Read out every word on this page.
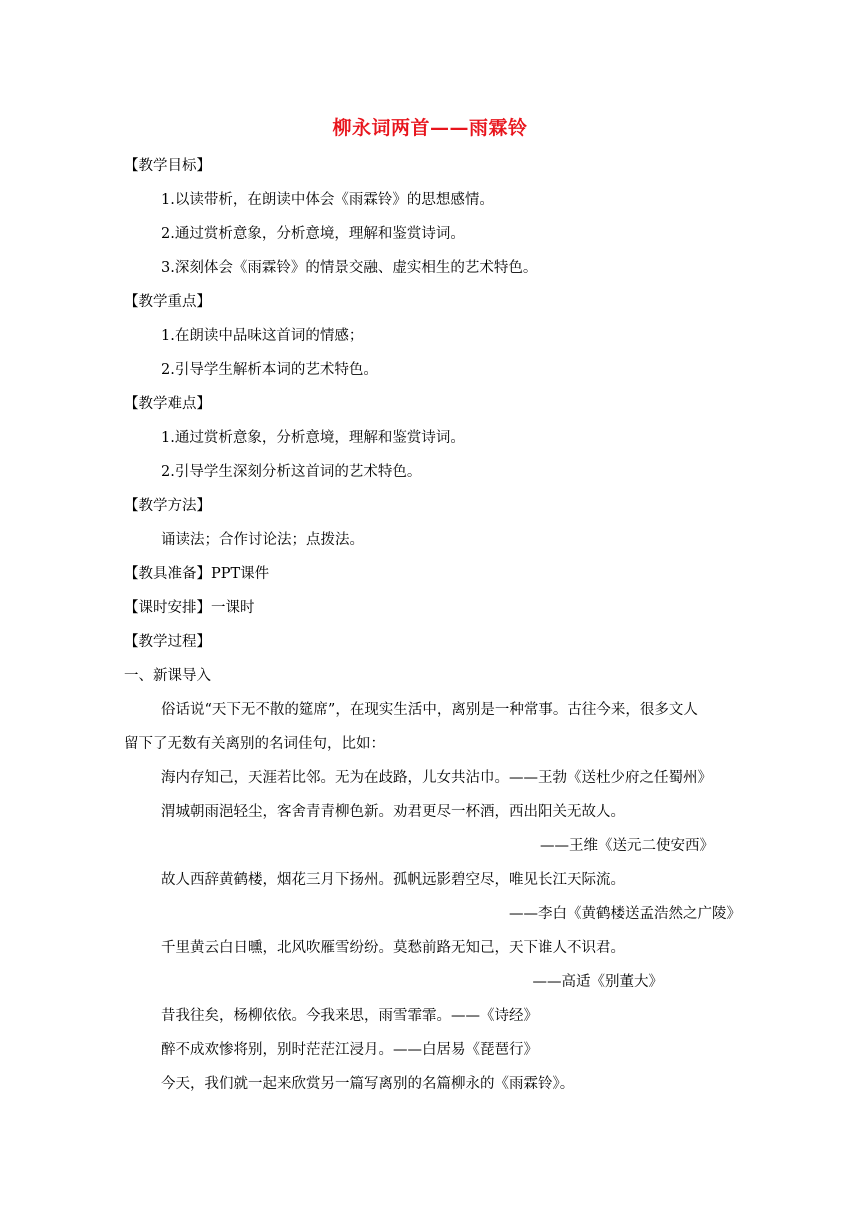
柳永词两首——雨霖铃
【教学目标】
1.以读带析，在朗读中体会《雨霖铃》的思想感情。
2.通过赏析意象，分析意境，理解和鉴赏诗词。
3.深刻体会《雨霖铃》的情景交融、虚实相生的艺术特色。
【教学重点】
1.在朗读中品味这首词的情感；
2.引导学生解析本词的艺术特色。
【教学难点】
1.通过赏析意象，分析意境，理解和鉴赏诗词。
2.引导学生深刻分析这首词的艺术特色。
【教学方法】
诵读法；合作讨论法；点拨法。
【教具准备】PPT课件
【课时安排】一课时
【教学过程】
一、新课导入
俗话说“天下无不散的筵席”，在现实生活中，离别是一种常事。古往今来，很多文人
留下了无数有关离别的名词佳句，比如：
海内存知己，天涯若比邻。无为在歧路，儿女共沾巾。——王勃《送杜少府之任蜀州》
渭城朝雨浥轻尘，客舍青青柳色新。劝君更尽一杯酒，西出阳关无故人。
——王维《送元二使安西》
故人西辞黄鹤楼，烟花三月下扬州。孤帆远影碧空尽，唯见长江天际流。
——李白《黄鹤楼送孟浩然之广陵》
千里黄云白日曛，北风吹雁雪纷纷。莫愁前路无知己，天下谁人不识君。
——高适《别董大》
昔我往矣，杨柳依依。今我来思，雨雪霏霏。——《诗经》
醉不成欢惨将别，别时茫茫江浸月。——白居易《琵琶行》
今天，我们就一起来欣赏另一篇写离别的名篇柳永的《雨霖铃》。
